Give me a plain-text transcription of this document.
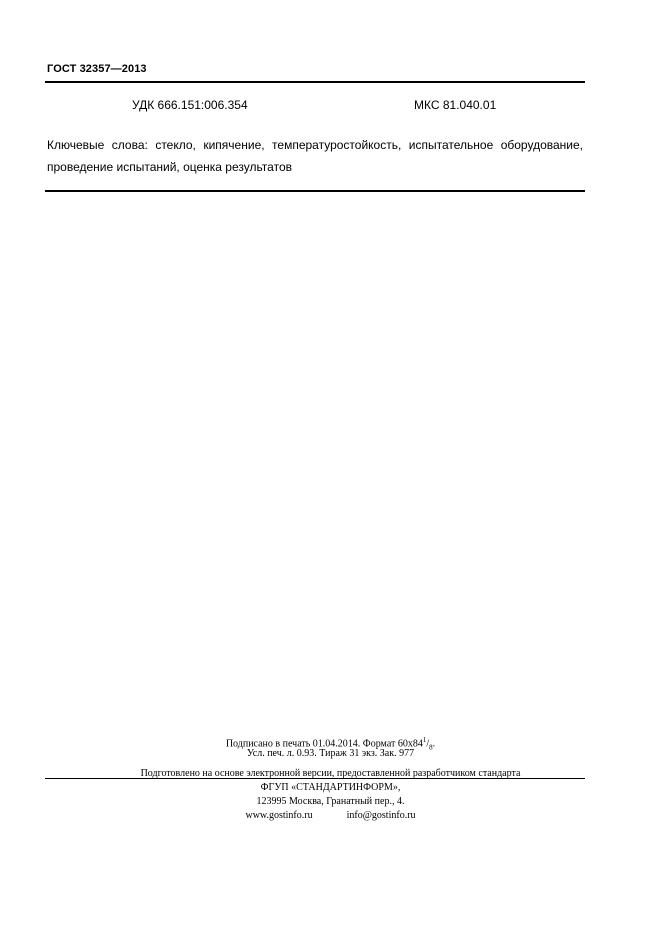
ГОСТ 32357—2013
УДК 666.151:006.354	МКС 81.040.01
Ключевые слова: стекло, кипячение, температуростойкость, испытательное оборудование, проведение испытаний, оценка результатов
Подписано в печать 01.04.2014. Формат $60х84^1/_8$.
Усл. печ. л. 0.93. Тираж 31 экз. Зак. 977
Подготовлено на основе электронной версии, предоставленной разработчиком стандарта
ФГУП «СТАНДАРТИНФОРМ»,
123995 Москва, Гранатный пер., 4.
www.gostinfo.ru	info@gostinfo.ru
